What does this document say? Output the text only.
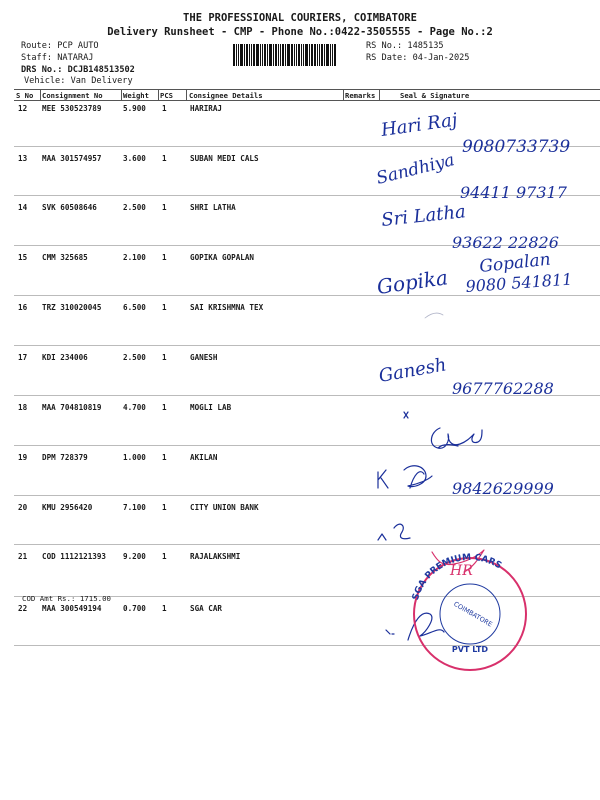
THE PROFESSIONAL COURIERS, COIMBATORE
Delivery Runsheet - CMP - Phone No.:0422-3505555 - Page No.:2
Route: PCP AUTO
Staff: NATARAJ
DRS No.: DCJB148513502
Vehicle: Van Delivery
RS No.: 1485135
RS Date: 04-Jan-2025
S No Consignment No	Weight PCS Consignee Details	Remarks	Seal & Signature
12 MEE 530523789	5.900 1	HARIRAJ
13 MAA 301574957	3.600 1	SUBAN MEDI CALS
14 SVK 60508646	2.500 1	SHRI LATHA
15 CMM 325685	2.100 1	GOPIKA GOPALAN
16 TRZ 310020045	6.500 1	SAI KRISHMNA TEX
17 KDI 234006	2.500 1	GANESH
18 MAA 704810819	4.700 1	MOGLI LAB
19 DPM 728379	1.000 1	AKILAN
20 KMU 2956420	7.100 1	CITY UNION BANK
21 COD 1112121393 9.200 1	RAJALAKSHMI
22 MAA 300549194	0.700 1	SGA CAR
COD Amt Rs.: 1715.00
Hari Raj
9080733739
Sandhiya
94411 97317
Sri Latha
93622 22826
Gopalan
Gopika 9080 541811
Ganesh
9677762288
9842629999
SGA PREMIUM CARS
PVT LTD
COIMBATORE
HR
